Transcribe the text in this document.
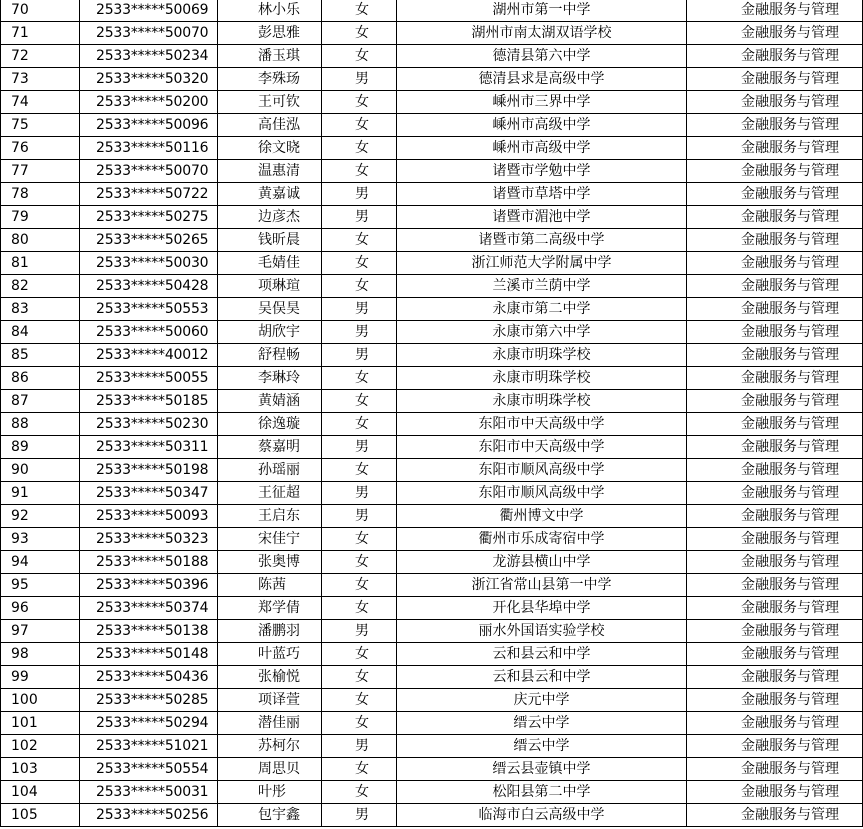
70	2533*****50069	林小乐	女	湖州市第一中学	金融服务与管理
71	2533*****50070	彭思雅	女	湖州市南太湖双语学校	金融服务与管理
72	2533*****50234	潘玉琪	女	德清县第六中学	金融服务与管理
73	2533*****50320	李殊玚	男	德清县求是高级中学	金融服务与管理
74	2533*****50200	王可钦	女	嵊州市三界中学	金融服务与管理
75	2533*****50096	高佳泓	女	嵊州市高级中学	金融服务与管理
76	2533*****50116	徐文晓	女	嵊州市高级中学	金融服务与管理
77	2533*****50070	温惠清	女	诸暨市学勉中学	金融服务与管理
78	2533*****50722	黄嘉诚	男	诸暨市草塔中学	金融服务与管理
79	2533*****50275	边彦杰	男	诸暨市湄池中学	金融服务与管理
80	2533*****50265	钱昕晨	女	诸暨市第二高级中学	金融服务与管理
81	2533*****50030	毛婧佳	女	浙江师范大学附属中学	金融服务与管理
82	2533*****50428	项琳瑄	女	兰溪市兰荫中学	金融服务与管理
83	2533*****50553	吴俣昊	男	永康市第二中学	金融服务与管理
84	2533*****50060	胡欣宇	男	永康市第六中学	金融服务与管理
85	2533*****40012	舒程畅	男	永康市明珠学校	金融服务与管理
86	2533*****50055	李琳玲	女	永康市明珠学校	金融服务与管理
87	2533*****50185	黄婧涵	女	永康市明珠学校	金融服务与管理
88	2533*****50230	徐逸璇	女	东阳市中天高级中学	金融服务与管理
89	2533*****50311	蔡嘉明	男	东阳市中天高级中学	金融服务与管理
90	2533*****50198	孙瑶丽	女	东阳市顺风高级中学	金融服务与管理
91	2533*****50347	王征超	男	东阳市顺风高级中学	金融服务与管理
92	2533*****50093	王启东	男	衢州博文中学	金融服务与管理
93	2533*****50323	宋佳宁	女	衢州市乐成寄宿中学	金融服务与管理
94	2533*****50188	张奥博	女	龙游县横山中学	金融服务与管理
95	2533*****50396	陈茜	女	浙江省常山县第一中学	金融服务与管理
96	2533*****50374	郑学倩	女	开化县华埠中学	金融服务与管理
97	2533*****50138	潘鹏羽	男	丽水外国语实验学校	金融服务与管理
98	2533*****50148	叶蓝巧	女	云和县云和中学	金融服务与管理
99	2533*****50436	张榆悦	女	云和县云和中学	金融服务与管理
100	2533*****50285	项译萱	女	庆元中学	金融服务与管理
101	2533*****50294	潜佳丽	女	缙云中学	金融服务与管理
102	2533*****51021	苏柯尔	男	缙云中学	金融服务与管理
103	2533*****50554	周思贝	女	缙云县壶镇中学	金融服务与管理
104	2533*****50031	叶彤	女	松阳县第二中学	金融服务与管理
105	2533*****50256	包宇鑫	男	临海市白云高级中学	金融服务与管理
